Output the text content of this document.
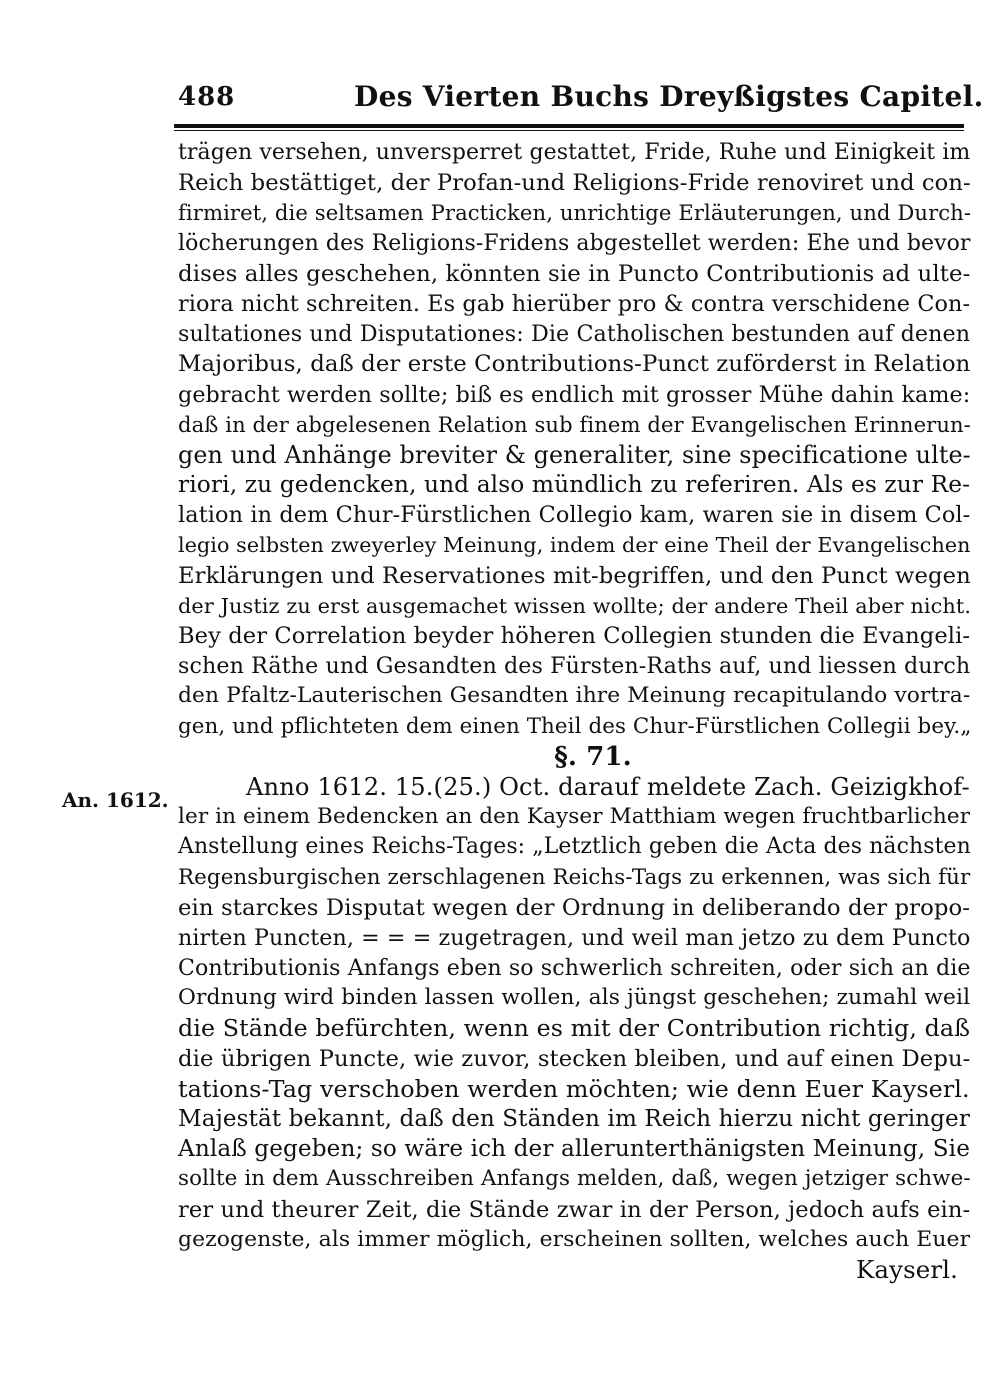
488	Des Vierten Buchs Dreyßigstes Capitel.
An. 1612.
trägen versehen, unversperret gestattet, Fride, Ruhe und Einigkeit im
Reich bestättiget, der Profan-und Religions-Fride renoviret und con-
firmiret, die seltsamen Practicken, unrichtige Erläuterungen, und Durch-
löcherungen des Religions-Fridens abgestellet werden: Ehe und bevor
dises alles geschehen, könnten sie in Puncto Contributionis ad ulte-
riora nicht schreiten. Es gab hierüber pro & contra verschidene Con-
sultationes und Disputationes: Die Catholischen bestunden auf denen
Majoribus, daß der erste Contributions-Punct zuförderst in Relation
gebracht werden sollte; biß es endlich mit grosser Mühe dahin kame:
daß in der abgelesenen Relation sub finem der Evangelischen Erinnerun-
gen und Anhänge breviter & generaliter, sine specificatione ulte-
riori, zu gedencken, und also mündlich zu referiren. Als es zur Re-
lation in dem Chur-Fürstlichen Collegio kam, waren sie in disem Col-
legio selbsten zweyerley Meinung, indem der eine Theil der Evangelischen
Erklärungen und Reservationes mit-begriffen, und den Punct wegen
der Justiz zu erst ausgemachet wissen wollte; der andere Theil aber nicht.
Bey der Correlation beyder höheren Collegien stunden die Evangeli-
schen Räthe und Gesandten des Fürsten-Raths auf, und liessen durch
den Pfaltz-Lauterischen Gesandten ihre Meinung recapitulando vortra-
gen, und pflichteten dem einen Theil des Chur-Fürstlichen Collegii bey.„
§. 71.
Anno 1612. 15.(25.) Oct. darauf meldete Zach. Geizigkhof-
ler in einem Bedencken an den Kayser Matthiam wegen fruchtbarlicher
Anstellung eines Reichs-Tages: „Letztlich geben die Acta des nächsten
Regensburgischen zerschlagenen Reichs-Tags zu erkennen, was sich für
ein starckes Disputat wegen der Ordnung in deliberando der propo-
nirten Puncten, = = = zugetragen, und weil man jetzo zu dem Puncto
Contributionis Anfangs eben so schwerlich schreiten, oder sich an die
Ordnung wird binden lassen wollen, als jüngst geschehen; zumahl weil
die Stände befürchten, wenn es mit der Contribution richtig, daß
die übrigen Puncte, wie zuvor, stecken bleiben, und auf einen Depu-
tations-Tag verschoben werden möchten; wie denn Euer Kayserl.
Majestät bekannt, daß den Ständen im Reich hierzu nicht geringer
Anlaß gegeben; so wäre ich der allerunterthänigsten Meinung, Sie
sollte in dem Ausschreiben Anfangs melden, daß, wegen jetziger schwe-
rer und theurer Zeit, die Stände zwar in der Person, jedoch aufs ein-
gezogenste, als immer möglich, erscheinen sollten, welches auch Euer
Kayserl.
